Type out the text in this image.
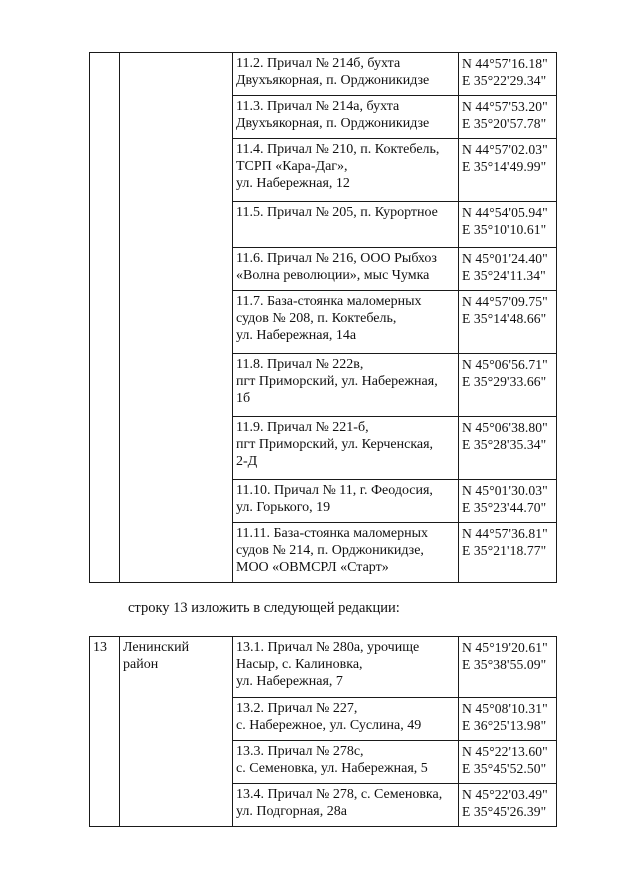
		11.2. Причал № 214б, бухта
Двухъякорная, п. Орджоникидзе	N 44°57'16.18"
E 35°22'29.34"
		11.3. Причал № 214а, бухта
Двухъякорная, п. Орджоникидзе	N 44°57'53.20"
E 35°20'57.78"
		11.4. Причал № 210, п. Коктебель,
ТСРП «Кара-Даг»,
ул. Набережная, 12	N 44°57'02.03"
E 35°14'49.99"
		11.5. Причал № 205, п. Курортное	N 44°54'05.94"
E 35°10'10.61"
		11.6. Причал № 216, ООО Рыбхоз
«Волна революции», мыс Чумка	N 45°01'24.40"
E 35°24'11.34"
		11.7. База-стоянка маломерных
судов № 208, п. Коктебель,
ул. Набережная, 14а	N 44°57'09.75"
E 35°14'48.66"
		11.8. Причал № 222в,
пгт Приморский, ул. Набережная,
1б	N 45°06'56.71"
E 35°29'33.66"
		11.9. Причал № 221-б,
пгт Приморский, ул. Керченская,
2-Д	N 45°06'38.80"
E 35°28'35.34"
		11.10. Причал № 11, г. Феодосия,
ул. Горького, 19	N 45°01'30.03"
E 35°23'44.70"
		11.11. База-стоянка маломерных
судов № 214, п. Орджоникидзе,
МОО «ОВМСРЛ «Старт»	N 44°57'36.81"
E 35°21'18.77"
строку 13 изложить в следующей редакции:
13	Ленинский
район	13.1. Причал № 280а, урочище
Насыр, с. Калиновка,
ул. Набережная, 7	N 45°19'20.61"
E 35°38'55.09"
		13.2. Причал № 227,
с. Набережное, ул. Суслина, 49	N 45°08'10.31"
E 36°25'13.98"
		13.3. Причал № 278с,
с. Семеновка, ул. Набережная, 5	N 45°22'13.60"
E 35°45'52.50"
		13.4. Причал № 278, с. Семеновка,
ул. Подгорная, 28а	N 45°22'03.49"
E 35°45'26.39"
